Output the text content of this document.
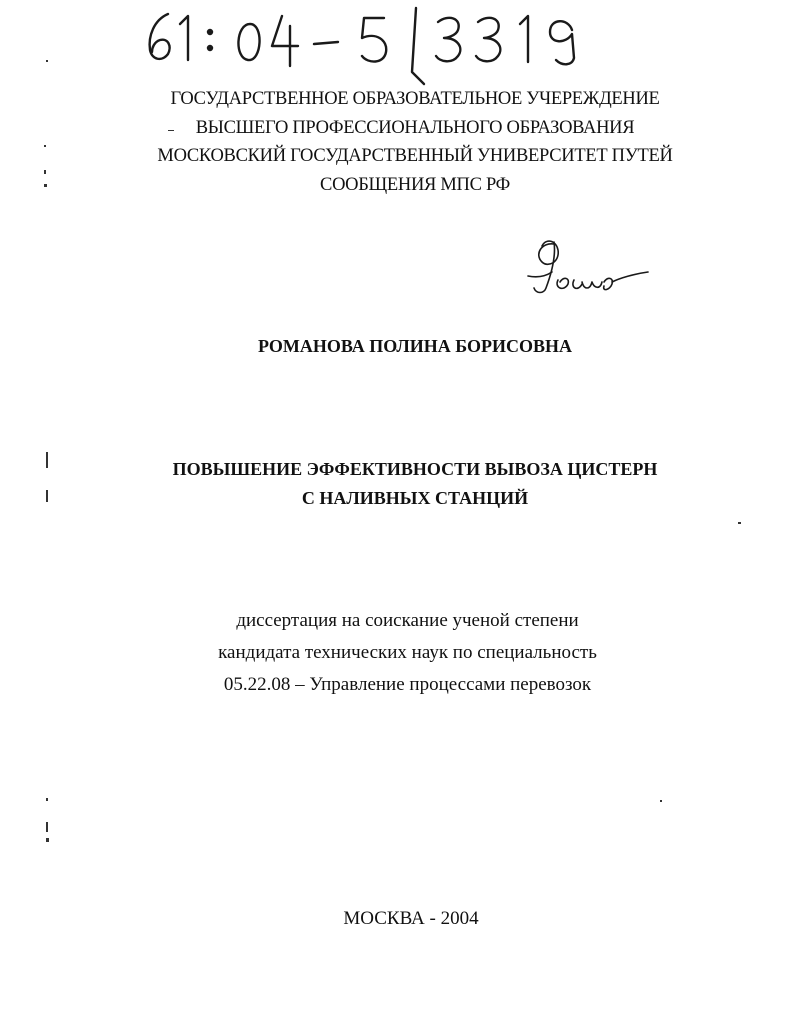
ГОСУДАРСТВЕННОЕ ОБРАЗОВАТЕЛЬНОЕ УЧЕРЕЖДЕНИЕ
ВЫСШЕГО ПРОФЕССИОНАЛЬНОГО ОБРАЗОВАНИЯ
МОСКОВСКИЙ ГОСУДАРСТВЕННЫЙ УНИВЕРСИТЕТ ПУТЕЙ
СООБЩЕНИЯ МПС РФ
РОМАНОВА ПОЛИНА БОРИСОВНА
ПОВЫШЕНИЕ ЭФФЕКТИВНОСТИ ВЫВОЗА ЦИСТЕРН
С НАЛИВНЫХ СТАНЦИЙ
диссертация на соискание ученой степени
кандидата технических наук по специальность
05.22.08 – Управление процессами перевозок
МОСКВА - 2004
